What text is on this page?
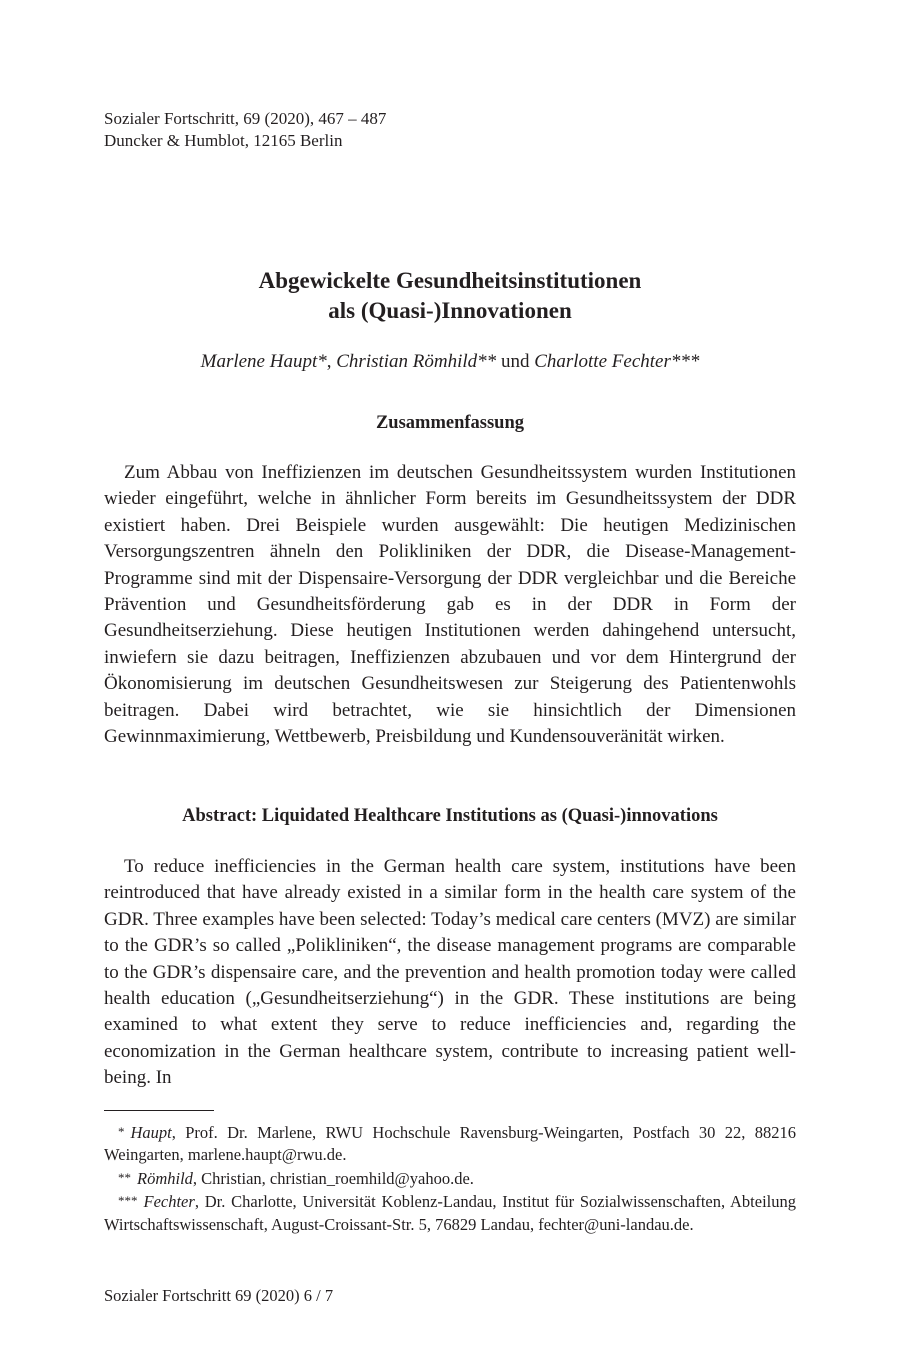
Sozialer Fortschritt, 69 (2020), 467 – 487
Duncker & Humblot, 12165 Berlin
Abgewickelte Gesundheitsinstitutionen
als (Quasi-)Innovationen
Marlene Haupt*, Christian Römhild** und Charlotte Fechter***
Zusammenfassung
Zum Abbau von Ineffizienzen im deutschen Gesundheitssystem wurden Institutionen wieder eingeführt, welche in ähnlicher Form bereits im Gesundheitssystem der DDR existiert haben. Drei Beispiele wurden ausgewählt: Die heutigen Medizinischen Versorgungszentren ähneln den Polikliniken der DDR, die Disease-Management-Programme sind mit der Dispensaire-Versorgung der DDR vergleichbar und die Bereiche Prävention und Gesundheitsförderung gab es in der DDR in Form der Gesundheitserziehung. Diese heutigen Institutionen werden dahingehend untersucht, inwiefern sie dazu beitragen, Ineffizienzen abzubauen und vor dem Hintergrund der Ökonomisierung im deutschen Gesundheitswesen zur Steigerung des Patientenwohls beitragen. Dabei wird betrachtet, wie sie hinsichtlich der Dimensionen Gewinnmaximierung, Wettbewerb, Preisbildung und Kundensouveränität wirken.
Abstract: Liquidated Healthcare Institutions as (Quasi-)innovations
To reduce inefficiencies in the German health care system, institutions have been reintroduced that have already existed in a similar form in the health care system of the GDR. Three examples have been selected: Today’s medical care centers (MVZ) are similar to the GDR’s so called „Polikliniken“, the disease management programs are comparable to the GDR’s dispensaire care, and the prevention and health promotion today were called health education („Gesundheitserziehung“) in the GDR. These institutions are being examined to what extent they serve to reduce inefficiencies and, regarding the economization in the German healthcare system, contribute to increasing patient well-being. In

* Haupt, Prof. Dr. Marlene, RWU Hochschule Ravensburg-Weingarten, Postfach 30 22, 88216 Weingarten, marlene.haupt@rwu.de.

** Römhild, Christian, christian_roemhild@yahoo.de.

*** Fechter, Dr. Charlotte, Universität Koblenz-Landau, Institut für Sozialwissenschaften, Abteilung Wirtschaftswissenschaft, August-Croissant-Str. 5, 76829 Landau, fechter@uni-landau.de.

Sozialer Fortschritt 69 (2020) 6 / 7
